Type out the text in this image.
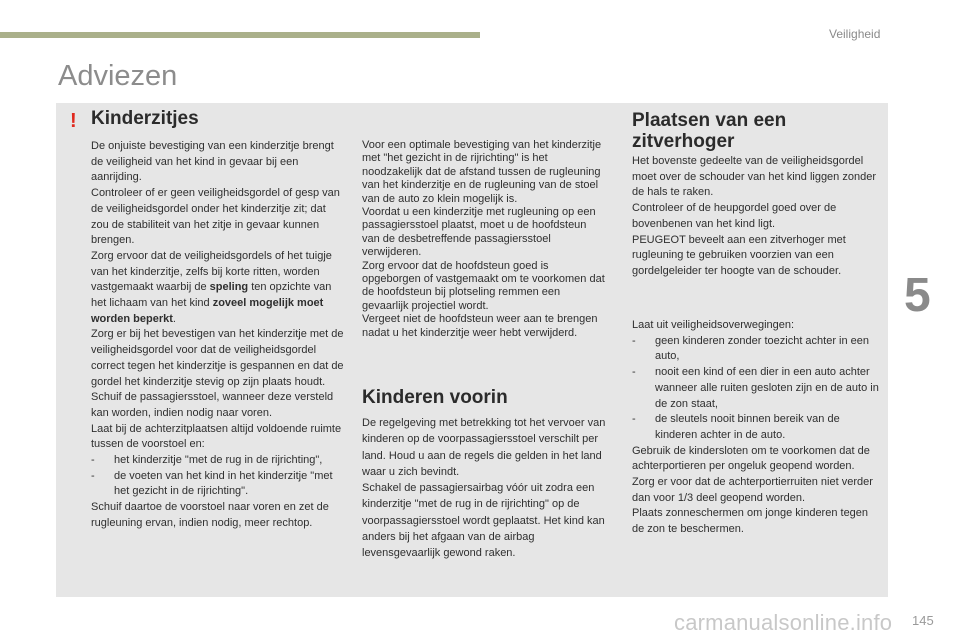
Veiligheid
Adviezen
! Kinderzitjes

De onjuiste bevestiging van een kinderzitje brengt de veiligheid van het kind in gevaar bij een aanrijding.

Controleer of er geen veiligheidsgordel of gesp van de veiligheidsgordel onder het kinderzitje zit; dat zou de stabiliteit van het zitje in gevaar kunnen brengen.

Zorg ervoor dat de veiligheidsgordels of het tuigje van het kinderzitje, zelfs bij korte ritten, worden vastgemaakt waarbij de speling ten opzichte van het lichaam van het kind zoveel mogelijk moet worden beperkt.

Zorg er bij het bevestigen van het kinderzitje met de veiligheidsgordel voor dat de veiligheidsgordel correct tegen het kinderzitje is gespannen en dat de gordel het kinderzitje stevig op zijn plaats houdt. Schuif de passagiersstoel, wanneer deze versteld kan worden, indien nodig naar voren.

Laat bij de achterzitplaatsen altijd voldoende ruimte tussen de voorstoel en:

-	het kinderzitje "met de rug in de rijrichting",
-	de voeten van het kind in het kinderzitje "met het gezicht in de rijrichting".

Schuif daartoe de voorstoel naar voren en zet de rugleuning ervan, indien nodig, meer rechtop.

Voor een optimale bevestiging van het kinderzitje met "het gezicht in de rijrichting" is het noodzakelijk dat de afstand tussen de rugleuning van het kinderzitje en de rugleuning van de stoel van de auto zo klein mogelijk is.

Voordat u een kinderzitje met rugleuning op een passagiersstoel plaatst, moet u de hoofdsteun van de desbetreffende passagiersstoel verwijderen.

Zorg ervoor dat de hoofdsteun goed is opgeborgen of vastgemaakt om te voorkomen dat de hoofdsteun bij plotseling remmen een gevaarlijk projectiel wordt.

Vergeet niet de hoofdsteun weer aan te brengen nadat u het kinderzitje weer hebt verwijderd.

Kinderen voorin

De regelgeving met betrekking tot het vervoer van kinderen op de voorpassagiersstoel verschilt per land. Houd u aan de regels die gelden in het land waar u zich bevindt.

Schakel de passagiersairbag vóór uit zodra een kinderzitje "met de rug in de rijrichting" op de voorpassagiersstoel wordt geplaatst. Het kind kan anders bij het afgaan van de airbag levensgevaarlijk gewond raken.

Plaatsen van een zitverhoger

Het bovenste gedeelte van de veiligheidsgordel moet over de schouder van het kind liggen zonder de hals te raken.

Controleer of de heupgordel goed over de bovenbenen van het kind ligt.

PEUGEOT beveelt aan een zitverhoger met rugleuning te gebruiken voorzien van een gordelgeleider ter hoogte van de schouder.

Laat uit veiligheidsoverwegingen:

-	geen kinderen zonder toezicht achter in een auto,
-	nooit een kind of een dier in een auto achter wanneer alle ruiten gesloten zijn en de auto in de zon staat,
-	de sleutels nooit binnen bereik van de kinderen achter in de auto.

Gebruik de kindersloten om te voorkomen dat de achterportieren per ongeluk geopend worden.

Zorg er voor dat de achterportierruiten niet verder dan voor 1/3 deel geopend worden.

Plaats zonneschermen om jonge kinderen tegen de zon te beschermen.

5
carmanualsonline.info 145
